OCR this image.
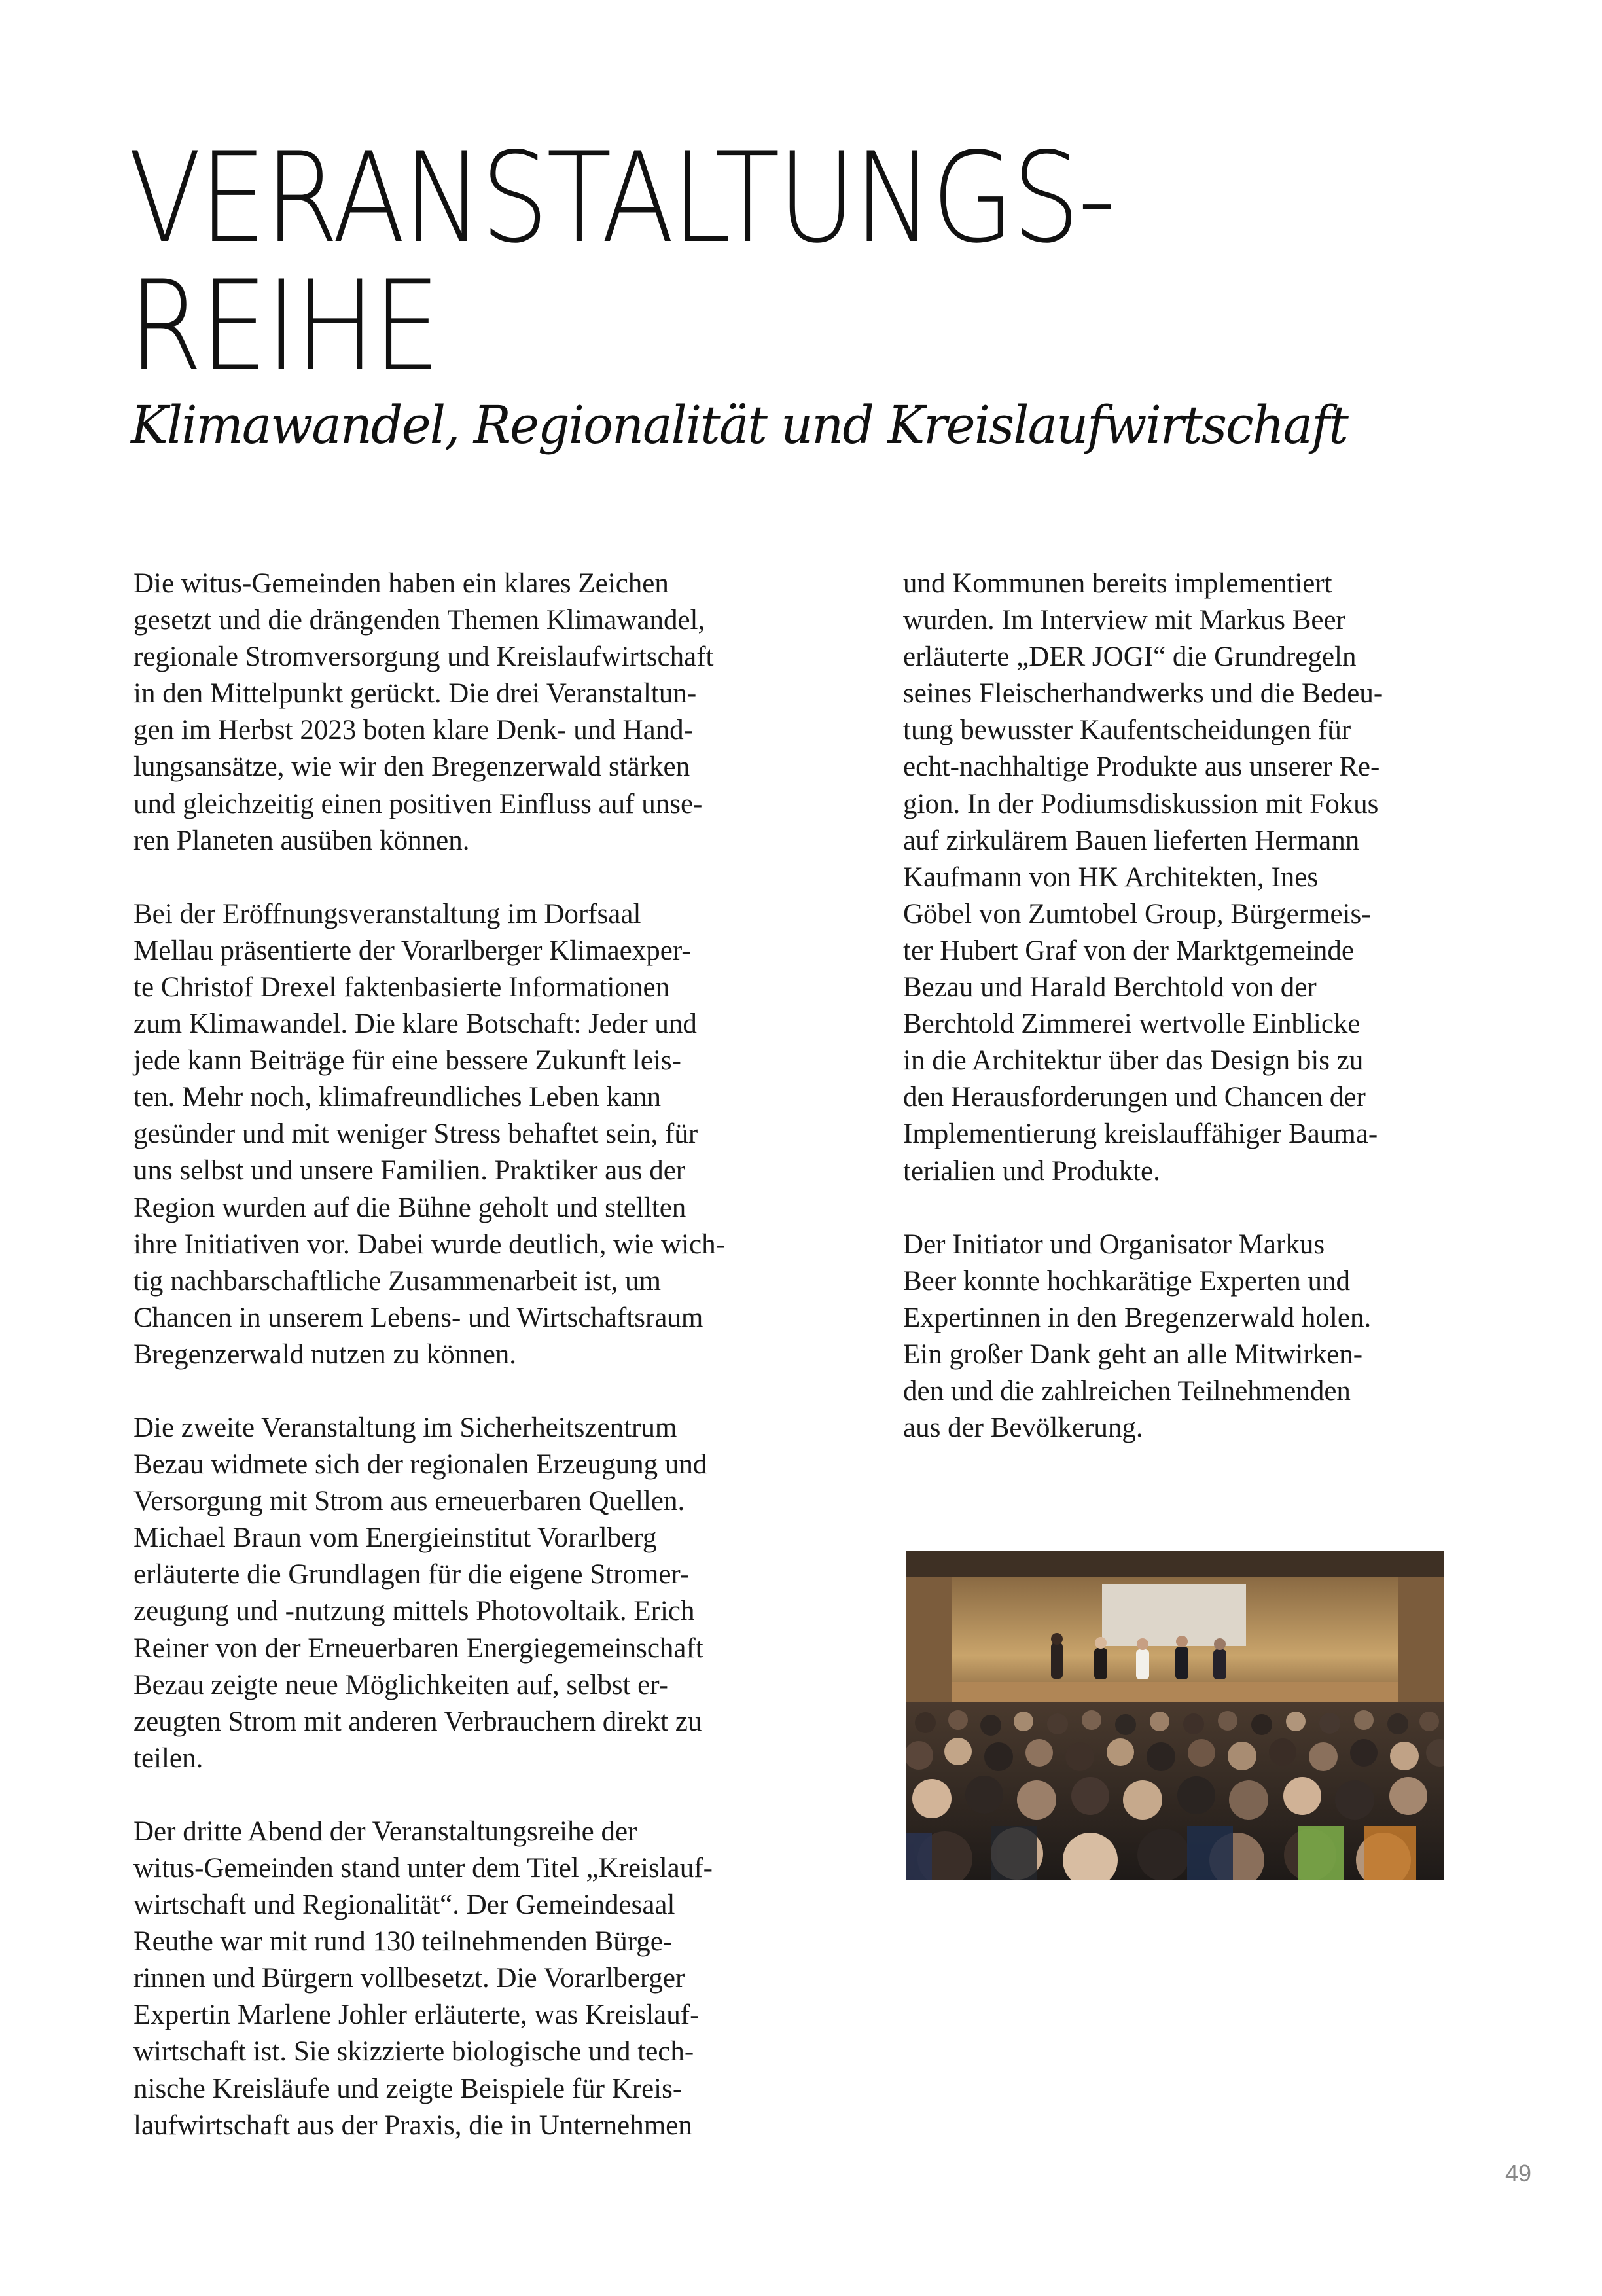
VERANSTALTUNGS-
REIHE
Klimawandel, Regionalität und Kreislaufwirtschaft

Die witus-Gemeinden haben ein klares Zeichen
gesetzt und die drängenden Themen Klimawandel,
regionale Stromversorgung und Kreislaufwirtschaft
in den Mittelpunkt gerückt. Die drei Veranstaltun-
gen im Herbst 2023 boten klare Denk- und Hand-
lungsansätze, wie wir den Bregenzerwald stärken
und gleichzeitig einen positiven Einfluss auf unse-
ren Planeten ausüben können.

Bei der Eröffnungsveranstaltung im Dorfsaal
Mellau präsentierte der Vorarlberger Klimaexper-
te Christof Drexel faktenbasierte Informationen
zum Klimawandel. Die klare Botschaft: Jeder und
jede kann Beiträge für eine bessere Zukunft leis-
ten. Mehr noch, klimafreundliches Leben kann
gesünder und mit weniger Stress behaftet sein, für
uns selbst und unsere Familien. Praktiker aus der
Region wurden auf die Bühne geholt und stellten
ihre Initiativen vor. Dabei wurde deutlich, wie wich-
tig nachbarschaftliche Zusammenarbeit ist, um
Chancen in unserem Lebens- und Wirtschaftsraum
Bregenzerwald nutzen zu können.

Die zweite Veranstaltung im Sicherheitszentrum
Bezau widmete sich der regionalen Erzeugung und
Versorgung mit Strom aus erneuerbaren Quellen.
Michael Braun vom Energieinstitut Vorarlberg
erläuterte die Grundlagen für die eigene Stromer-
zeugung und -nutzung mittels Photovoltaik. Erich
Reiner von der Erneuerbaren Energiegemeinschaft
Bezau zeigte neue Möglichkeiten auf, selbst er-
zeugten Strom mit anderen Verbrauchern direkt zu
teilen.

Der dritte Abend der Veranstaltungsreihe der
witus-Gemeinden stand unter dem Titel „Kreislauf-
wirtschaft und Regionalität“. Der Gemeindesaal
Reuthe war mit rund 130 teilnehmenden Bürge-
rinnen und Bürgern vollbesetzt. Die Vorarlberger
Expertin Marlene Johler erläuterte, was Kreislauf-
wirtschaft ist. Sie skizzierte biologische und tech-
nische Kreisläufe und zeigte Beispiele für Kreis-
laufwirtschaft aus der Praxis, die in Unternehmen

und Kommunen bereits implementiert
wurden. Im Interview mit Markus Beer
erläuterte „DER JOGI“ die Grundregeln
seines Fleischerhandwerks und die Bedeu-
tung bewusster Kaufentscheidungen für
echt-nachhaltige Produkte aus unserer Re-
gion. In der Podiumsdiskussion mit Fokus
auf zirkulärem Bauen lieferten Hermann
Kaufmann von HK Architekten, Ines
Göbel von Zumtobel Group, Bürgermeis-
ter Hubert Graf von der Marktgemeinde
Bezau und Harald Berchtold von der
Berchtold Zimmerei wertvolle Einblicke
in die Architektur über das Design bis zu
den Herausforderungen und Chancen der
Implementierung kreislauffähiger Bauma-
terialien und Produkte.

Der Initiator und Organisator Markus
Beer konnte hochkarätige Experten und
Expertinnen in den Bregenzerwald holen.
Ein großer Dank geht an alle Mitwirken-
den und die zahlreichen Teilnehmenden
aus der Bevölkerung.

49
